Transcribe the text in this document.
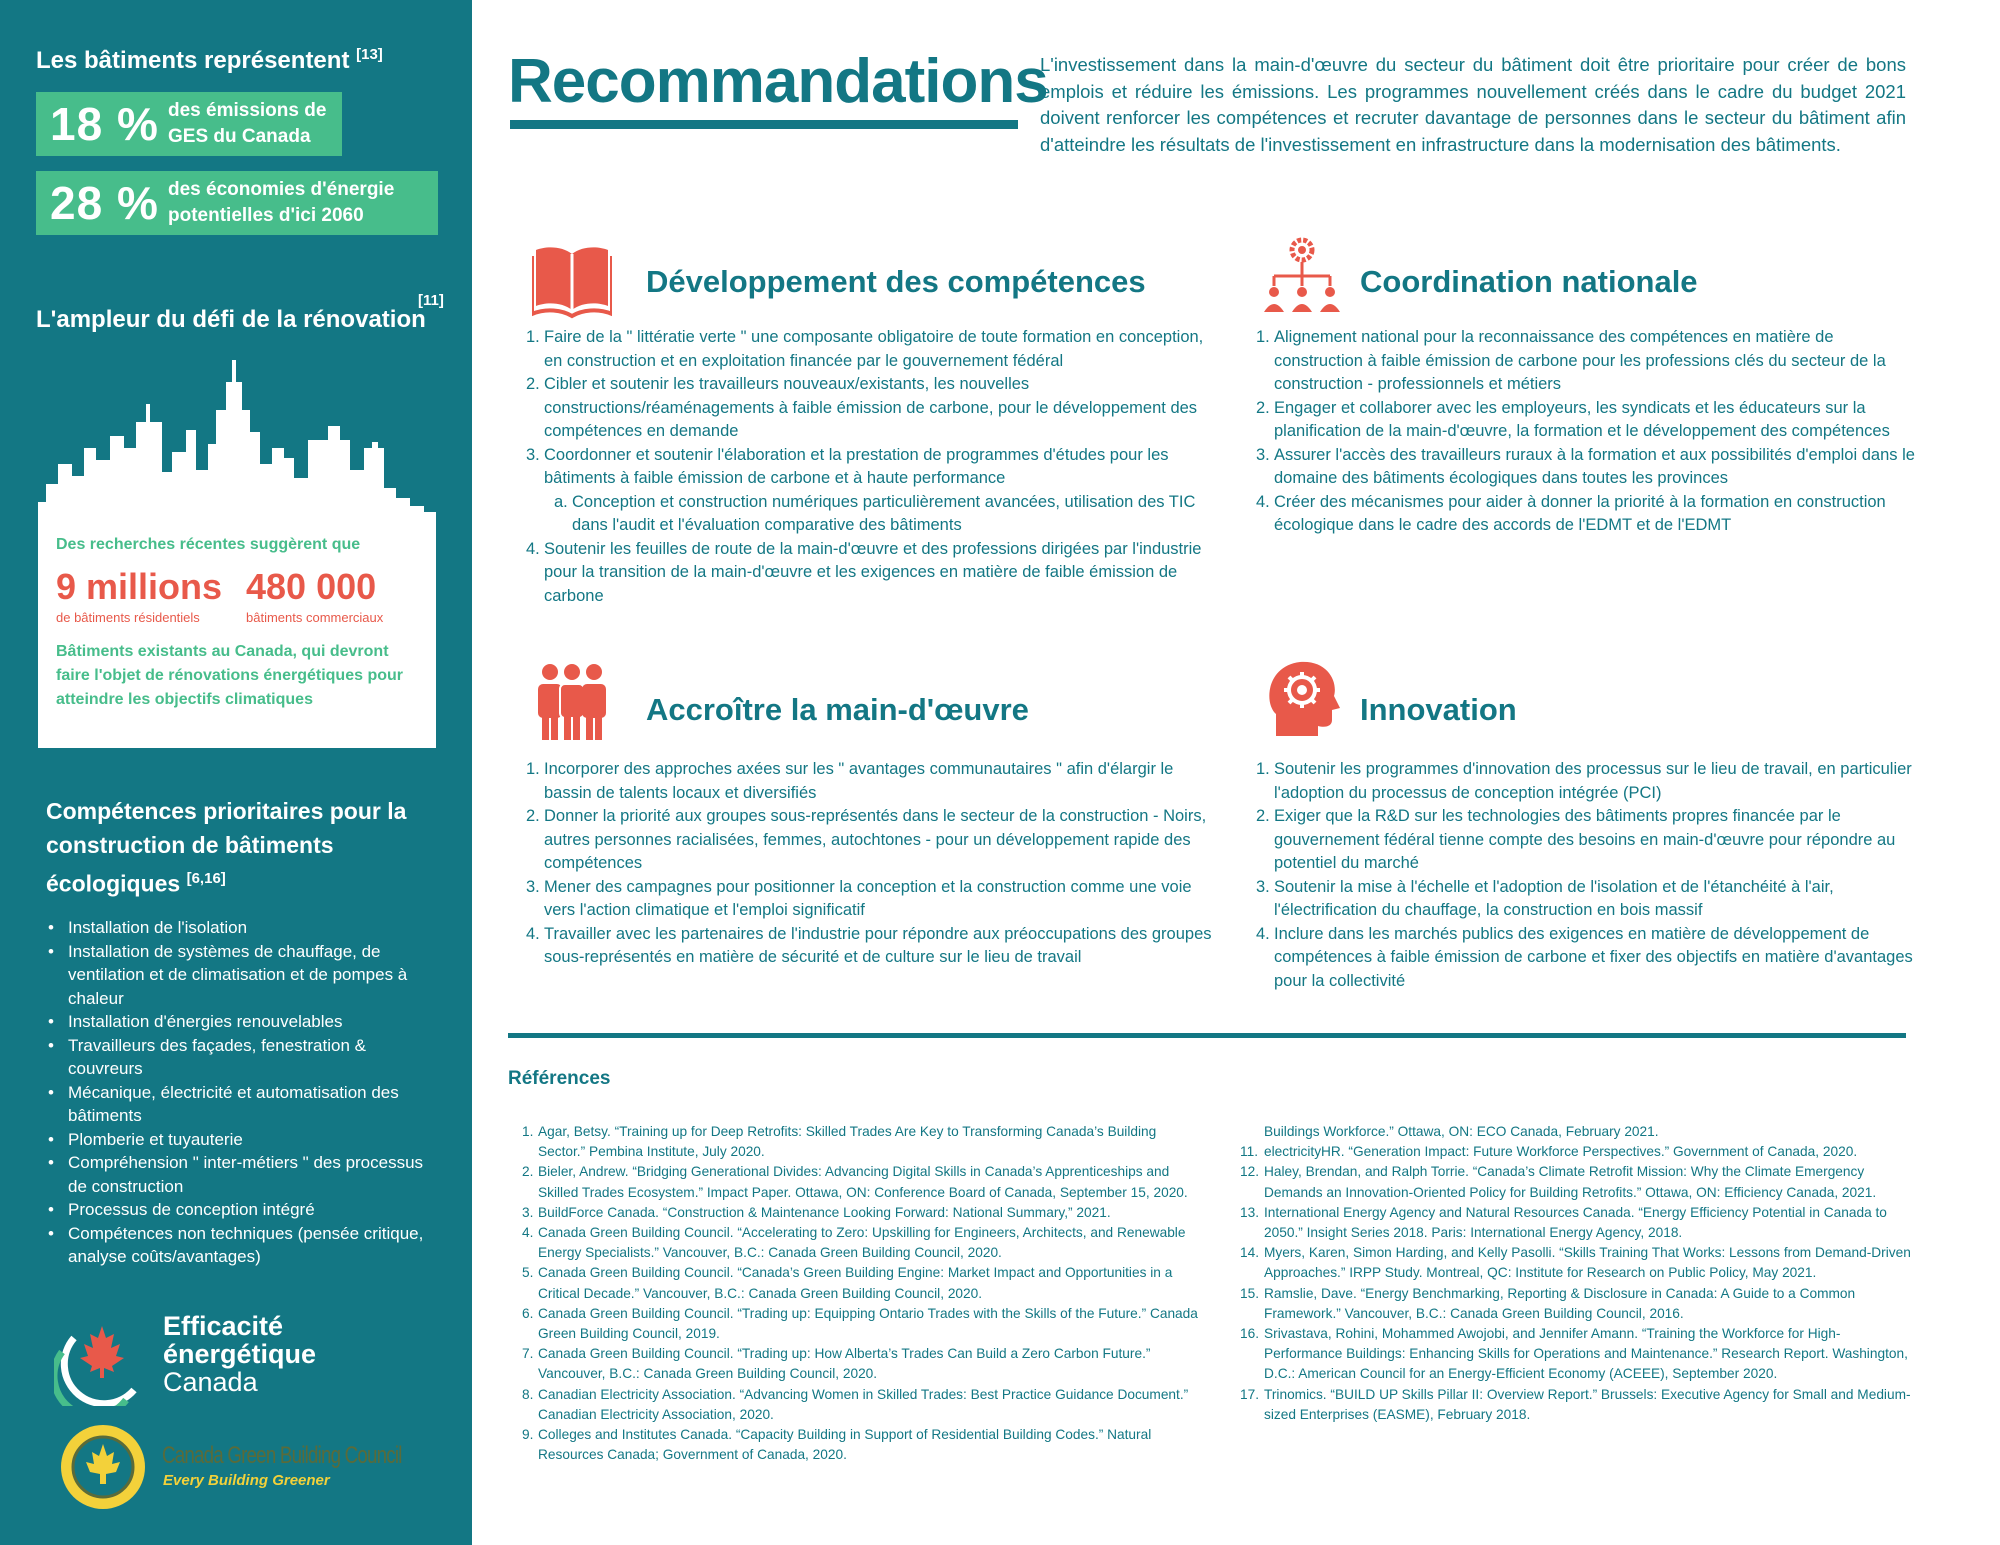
Les bâtiments représentent [13]
18 % des émissions de
GES du Canada
28 % des économies d'énergie
potentielles d'ici 2060
[11]
L'ampleur du défi de la rénovation
Des recherches récentes suggèrent que
9 millions
de bâtiments résidentiels
480 000
bâtiments commerciaux
Bâtiments existants au Canada, qui devront faire l'objet de rénovations énergétiques pour atteindre les objectifs climatiques
Compétences prioritaires pour la construction de bâtiments écologiques [6,16]
• Installation de l'isolation
• Installation de systèmes de chauffage, de ventilation et de climatisation et de pompes à chaleur
• Installation d'énergies renouvelables
• Travailleurs des façades, fenestration & couvreurs
• Mécanique, électricité et automatisation des bâtiments
• Plomberie et tuyauterie
• Compréhension " inter-métiers " des processus de construction
• Processus de conception intégré
• Compétences non techniques (pensée critique, analyse coûts/avantages)
Efficacité
énergétique
Canada
Canada Green Building Council
Every Building Greener
Recommandations
L'investissement dans la main-d'œuvre du secteur du bâtiment doit être prioritaire pour créer de bons emplois et réduire les émissions. Les programmes nouvellement créés dans le cadre du budget 2021 doivent renforcer les compétences et recruter davantage de personnes dans le secteur du bâtiment afin d'atteindre les résultats de l'investissement en infrastructure dans la modernisation des bâtiments.
Développement des compétences
1. Faire de la " littératie verte " une composante obligatoire de toute formation en conception, en construction et en exploitation financée par le gouvernement fédéral
2. Cibler et soutenir les travailleurs nouveaux/existants, les nouvelles constructions/réaménagements à faible émission de carbone, pour le développement des compétences en demande
3. Coordonner et soutenir l'élaboration et la prestation de programmes d'études pour les bâtiments à faible émission de carbone et à haute performance
a. Conception et construction numériques particulièrement avancées, utilisation des TIC dans l'audit et l'évaluation comparative des bâtiments
4. Soutenir les feuilles de route de la main-d'œuvre et des professions dirigées par l'industrie pour la transition de la main-d'œuvre et les exigences en matière de faible émission de carbone
Coordination nationale
1. Alignement national pour la reconnaissance des compétences en matière de construction à faible émission de carbone pour les professions clés du secteur de la construction - professionnels et métiers
2. Engager et collaborer avec les employeurs, les syndicats et les éducateurs sur la planification de la main-d'œuvre, la formation et le développement des compétences
3. Assurer l'accès des travailleurs ruraux à la formation et aux possibilités d'emploi dans le domaine des bâtiments écologiques dans toutes les provinces
4. Créer des mécanismes pour aider à donner la priorité à la formation en construction écologique dans le cadre des accords de l'EDMT et de l'EDMT
Accroître la main-d'œuvre
1. Incorporer des approches axées sur les " avantages communautaires " afin d'élargir le bassin de talents locaux et diversifiés
2. Donner la priorité aux groupes sous-représentés dans le secteur de la construction - Noirs, autres personnes racialisées, femmes, autochtones - pour un développement rapide des compétences
3. Mener des campagnes pour positionner la conception et la construction comme une voie vers l'action climatique et l'emploi significatif
4. Travailler avec les partenaires de l'industrie pour répondre aux préoccupations des groupes sous-représentés en matière de sécurité et de culture sur le lieu de travail
Innovation
1. Soutenir les programmes d'innovation des processus sur le lieu de travail, en particulier l'adoption du processus de conception intégrée (PCI)
2. Exiger que la R&D sur les technologies des bâtiments propres financée par le gouvernement fédéral tienne compte des besoins en main-d'œuvre pour répondre au potentiel du marché
3. Soutenir la mise à l'échelle et l'adoption de l'isolation et de l'étanchéité à l'air, l'électrification du chauffage, la construction en bois massif
4. Inclure dans les marchés publics des exigences en matière de développement de compétences à faible émission de carbone et fixer des objectifs en matière d'avantages pour la collectivité
Références
1. Agar, Betsy. “Training up for Deep Retrofits: Skilled Trades Are Key to Transforming Canada’s Building Sector.” Pembina Institute, July 2020.
2. Bieler, Andrew. “Bridging Generational Divides: Advancing Digital Skills in Canada’s Apprenticeships and Skilled Trades Ecosystem.” Impact Paper. Ottawa, ON: Conference Board of Canada, September 15, 2020.
3. BuildForce Canada. “Construction & Maintenance Looking Forward: National Summary,” 2021.
4. Canada Green Building Council. “Accelerating to Zero: Upskilling for Engineers, Architects, and Renewable Energy Specialists.” Vancouver, B.C.: Canada Green Building Council, 2020.
5. Canada Green Building Council. “Canada’s Green Building Engine: Market Impact and Opportunities in a Critical Decade.” Vancouver, B.C.: Canada Green Building Council, 2020.
6. Canada Green Building Council. “Trading up: Equipping Ontario Trades with the Skills of the Future.” Canada Green Building Council, 2019.
7. Canada Green Building Council. “Trading up: How Alberta’s Trades Can Build a Zero Carbon Future.” Vancouver, B.C.: Canada Green Building Council, 2020.
8. Canadian Electricity Association. “Advancing Women in Skilled Trades: Best Practice Guidance Document.” Canadian Electricity Association, 2020.
9. Colleges and Institutes Canada. “Capacity Building in Support of Residential Building Codes.” Natural Resources Canada; Government of Canada, 2020.
Buildings Workforce.” Ottawa, ON: ECO Canada, February 2021.
11. electricityHR. “Generation Impact: Future Workforce Perspectives.” Government of Canada, 2020.
12. Haley, Brendan, and Ralph Torrie. “Canada’s Climate Retrofit Mission: Why the Climate Emergency Demands an Innovation-Oriented Policy for Building Retrofits.” Ottawa, ON: Efficiency Canada, 2021.
13. International Energy Agency and Natural Resources Canada. “Energy Efficiency Potential in Canada to 2050.” Insight Series 2018. Paris: International Energy Agency, 2018.
14. Myers, Karen, Simon Harding, and Kelly Pasolli. “Skills Training That Works: Lessons from Demand-Driven Approaches.” IRPP Study. Montreal, QC: Institute for Research on Public Policy, May 2021.
15. Ramslie, Dave. “Energy Benchmarking, Reporting & Disclosure in Canada: A Guide to a Common Framework.” Vancouver, B.C.: Canada Green Building Council, 2016.
16. Srivastava, Rohini, Mohammed Awojobi, and Jennifer Amann. “Training the Workforce for High-Performance Buildings: Enhancing Skills for Operations and Maintenance.” Research Report. Washington, D.C.: American Council for an Energy-Efficient Economy (ACEEE), September 2020.
17. Trinomics. “BUILD UP Skills Pillar II: Overview Report.” Brussels: Executive Agency for Small and Medium-sized Enterprises (EASME), February 2018.
